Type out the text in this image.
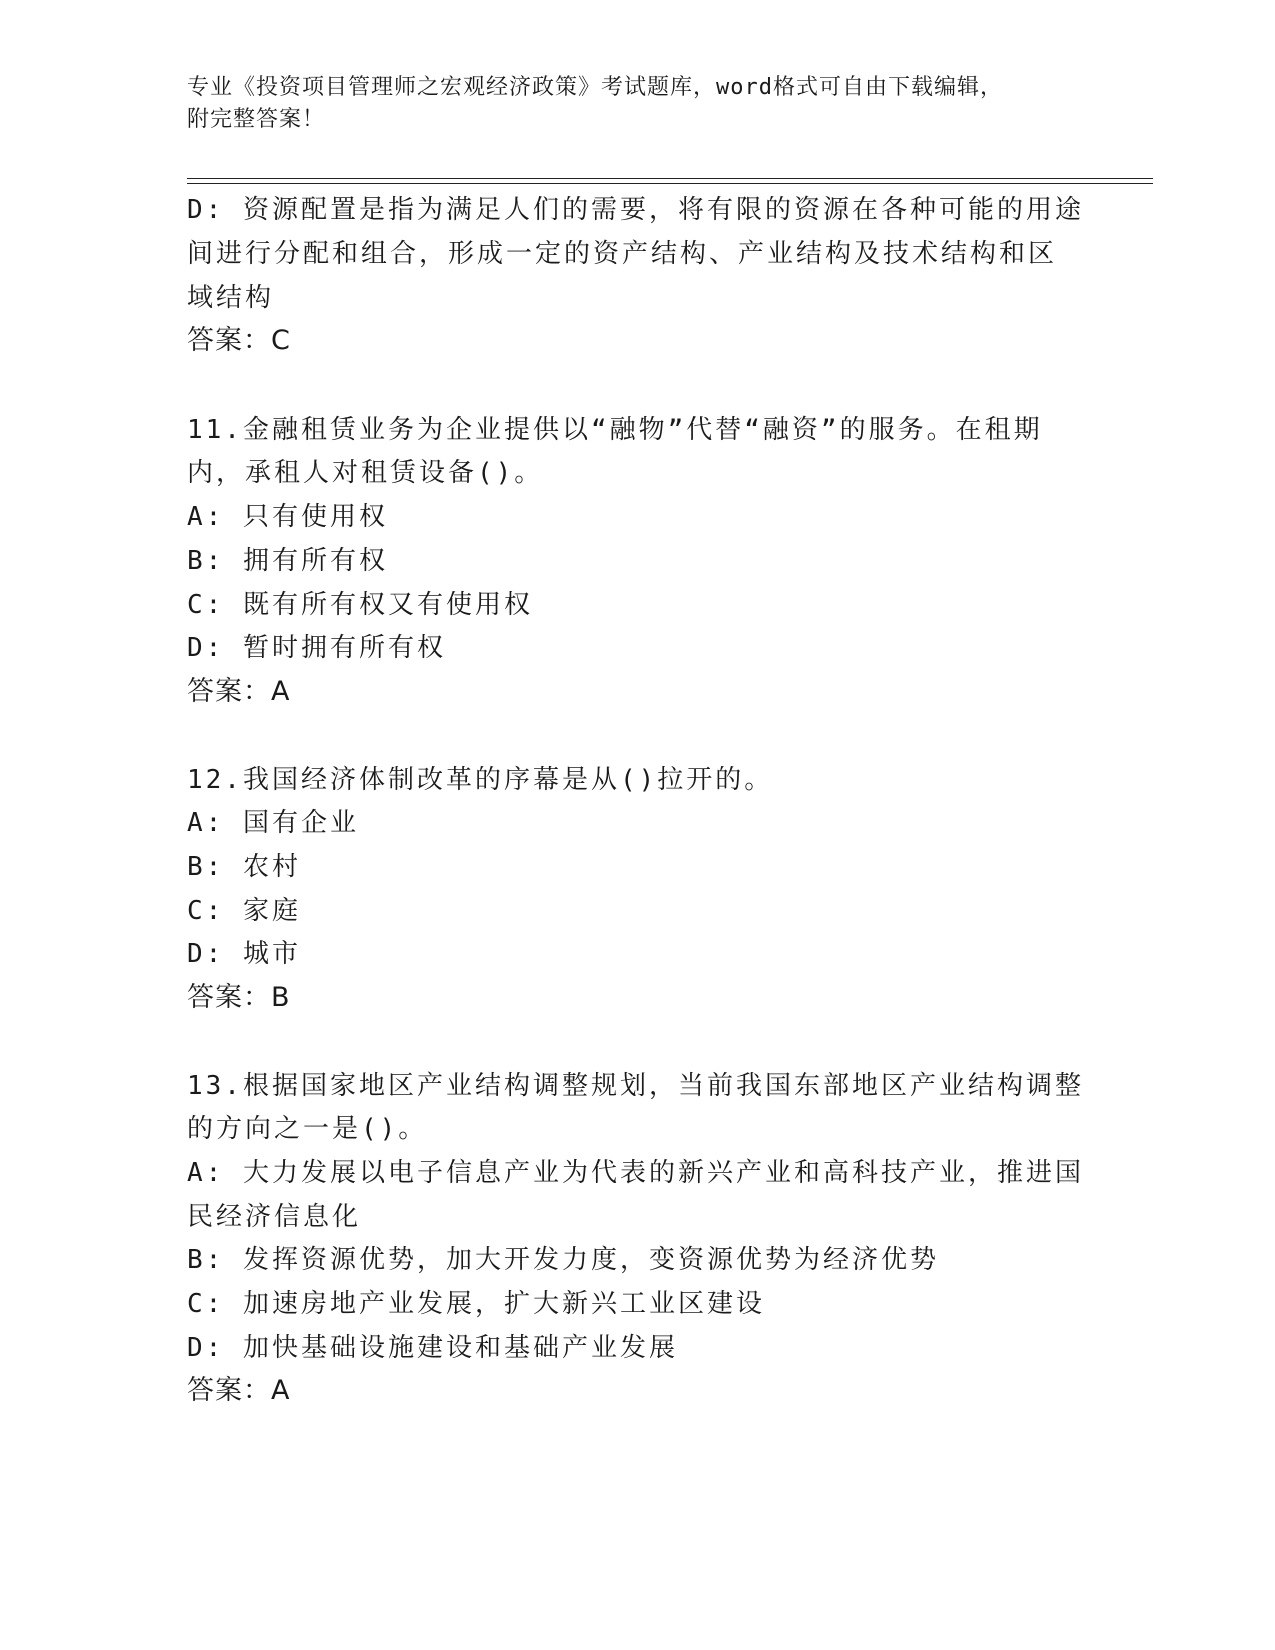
专业《投资项目管理师之宏观经济政策》考试题库，word格式可自由下载编辑，
附完整答案！
D: 资源配置是指为满足人们的需要，将有限的资源在各种可能的用途
间进行分配和组合，形成一定的资产结构、产业结构及技术结构和区
域结构
答案：C
11.金融租赁业务为企业提供以“融物”代替“融资”的服务。在租期
内，承租人对租赁设备()。
A: 只有使用权
B: 拥有所有权
C: 既有所有权又有使用权
D: 暂时拥有所有权
答案：A
12.我国经济体制改革的序幕是从()拉开的。
A: 国有企业
B: 农村
C: 家庭
D: 城市
答案：B
13.根据国家地区产业结构调整规划，当前我国东部地区产业结构调整
的方向之一是()。
A: 大力发展以电子信息产业为代表的新兴产业和高科技产业，推进国
民经济信息化
B: 发挥资源优势，加大开发力度，变资源优势为经济优势
C: 加速房地产业发展，扩大新兴工业区建设
D: 加快基础设施建设和基础产业发展
答案：A
